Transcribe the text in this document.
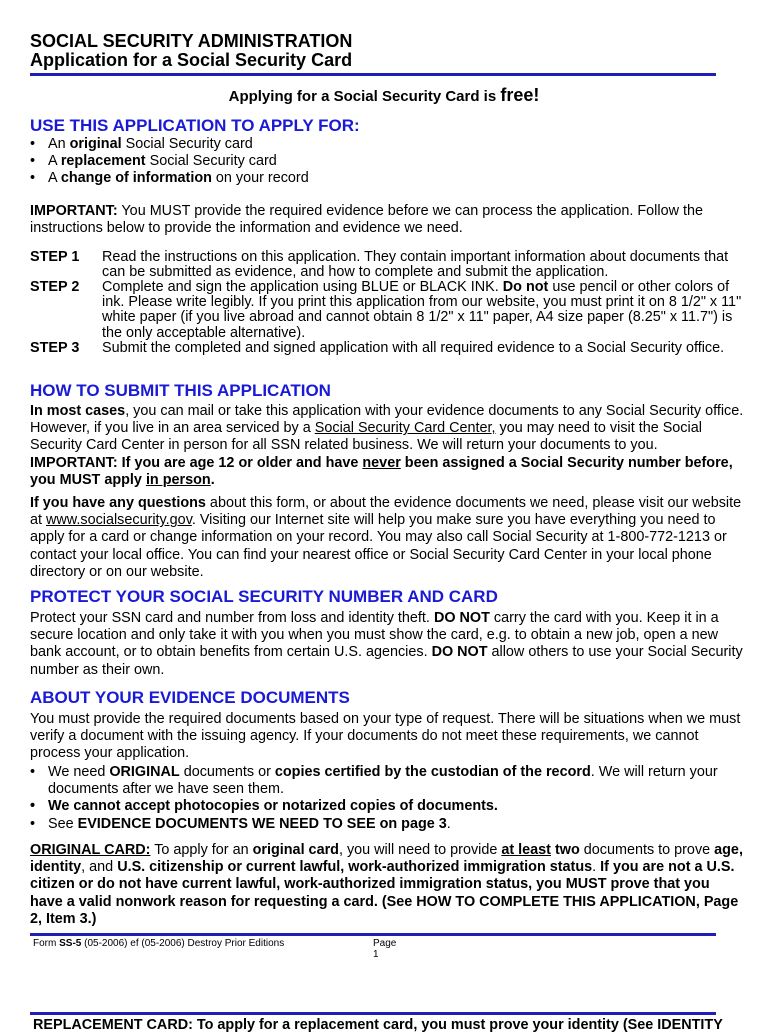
SOCIAL SECURITY ADMINISTRATION
Application for a Social Security Card
Applying for a Social Security Card is free!
USE THIS APPLICATION TO APPLY FOR:
• An original Social Security card
• A replacement Social Security card
• A change of information on your record
IMPORTANT: You MUST provide the required evidence before we can process the application. Follow the instructions below to provide the information and evidence we need.
STEP 1 Read the instructions on this application. They contain important information about documents that can be submitted as evidence, and how to complete and submit the application.
STEP 2 Complete and sign the application using BLUE or BLACK INK. Do not use pencil or other colors of ink. Please write legibly. If you print this application from our website, you must print it on 8 1/2" x 11" white paper (if you live abroad and cannot obtain 8 1/2" x 11" paper, A4 size paper (8.25" x 11.7") is the only acceptable alternative).
STEP 3 Submit the completed and signed application with all required evidence to a Social Security office.
HOW TO SUBMIT THIS APPLICATION
In most cases, you can mail or take this application with your evidence documents to any Social Security office. However, if you live in an area serviced by a Social Security Card Center, you may need to visit the Social Security Card Center in person for all SSN related business. We will return your documents to you.
IMPORTANT: If you are age 12 or older and have never been assigned a Social Security number before, you MUST apply in person.
If you have any questions about this form, or about the evidence documents we need, please visit our website at www.socialsecurity.gov. Visiting our Internet site will help you make sure you have everything you need to apply for a card or change information on your record. You may also call Social Security at 1-800-772-1213 or contact your local office. You can find your nearest office or Social Security Card Center in your local phone directory or on our website.
PROTECT YOUR SOCIAL SECURITY NUMBER AND CARD
Protect your SSN card and number from loss and identity theft. DO NOT carry the card with you. Keep it in a secure location and only take it with you when you must show the card, e.g. to obtain a new job, open a new bank account, or to obtain benefits from certain U.S. agencies. DO NOT allow others to use your Social Security number as their own.
ABOUT YOUR EVIDENCE DOCUMENTS
You must provide the required documents based on your type of request. There will be situations when we must verify a document with the issuing agency. If your documents do not meet these requirements, we cannot process your application.
• We need ORIGINAL documents or copies certified by the custodian of the record. We will return your documents after we have seen them.
• We cannot accept photocopies or notarized copies of documents.
• See EVIDENCE DOCUMENTS WE NEED TO SEE on page 3.
ORIGINAL CARD: To apply for an original card, you will need to provide at least two documents to prove age, identity, and U.S. citizenship or current lawful, work-authorized immigration status. If you are not a U.S. citizen or do not have current lawful, work-authorized immigration status, you MUST prove that you have a valid nonwork reason for requesting a card. (See HOW TO COMPLETE THIS APPLICATION, Page 2, Item 3.)
Form SS-5 (05-2006) ef (05-2006) Destroy Prior Editions	Page 1
REPLACEMENT CARD: To apply for a replacement card, you must prove your identity (See IDENTITY
